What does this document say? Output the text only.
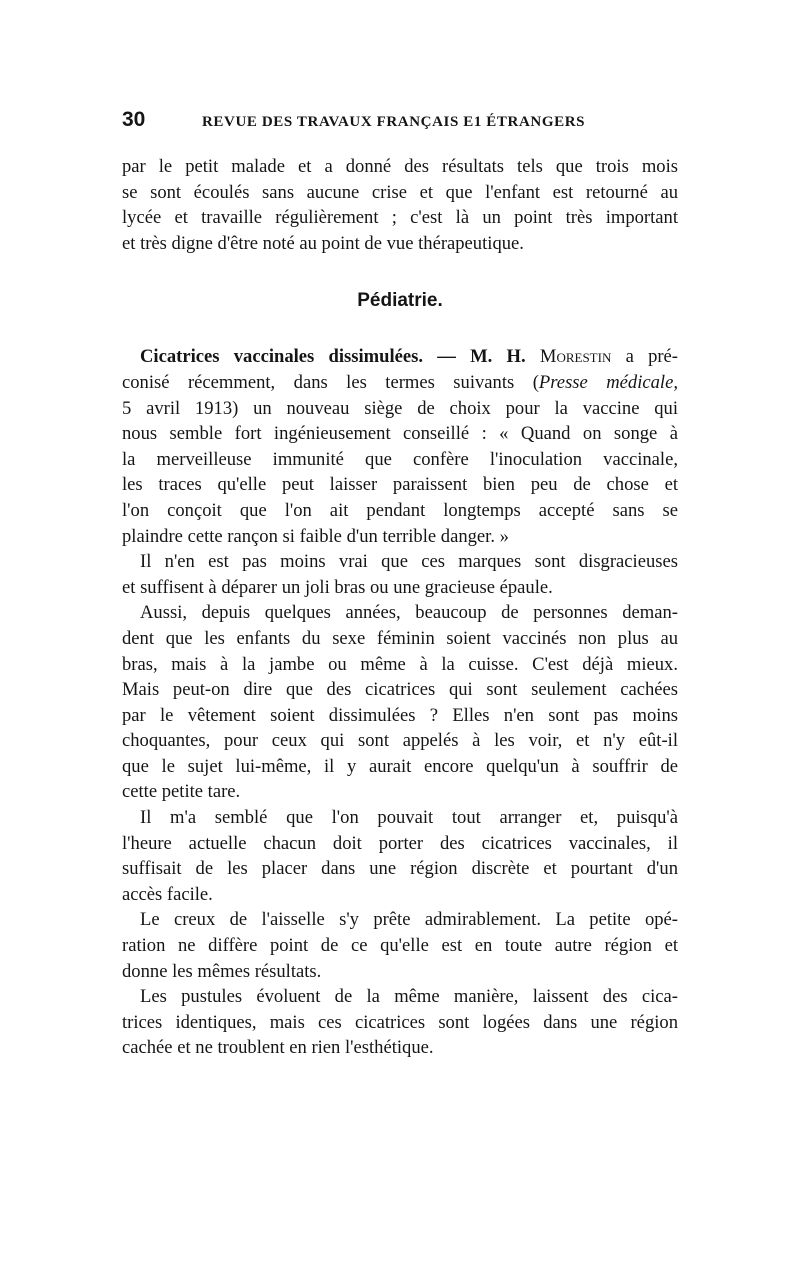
30	REVUE DES TRAVAUX FRANÇAIS E1 ÉTRANGERS

par le petit malade et a donné des résultats tels que trois mois
se sont écoulés sans aucune crise et que l'enfant est retourné au
lycée et travaille régulièrement ; c'est là un point très important
et très digne d'être noté au point de vue thérapeutique.

Pédiatrie.

Cicatrices vaccinales dissimulées. — M. H. Morestin a pré-
conisé récemment, dans les termes suivants (Presse médicale,
5 avril 1913) un nouveau siège de choix pour la vaccine qui
nous semble fort ingénieusement conseillé : « Quand on songe à
la merveilleuse immunité que confère l'inoculation vaccinale,
les traces qu'elle peut laisser paraissent bien peu de chose et
l'on conçoit que l'on ait pendant longtemps accepté sans se
plaindre cette rançon si faible d'un terrible danger. »

Il n'en est pas moins vrai que ces marques sont disgracieuses
et suffisent à déparer un joli bras ou une gracieuse épaule.

Aussi, depuis quelques années, beaucoup de personnes deman-
dent que les enfants du sexe féminin soient vaccinés non plus au
bras, mais à la jambe ou même à la cuisse. C'est déjà mieux.
Mais peut-on dire que des cicatrices qui sont seulement cachées
par le vêtement soient dissimulées ? Elles n'en sont pas moins
choquantes, pour ceux qui sont appelés à les voir, et n'y eût-il
que le sujet lui-même, il y aurait encore quelqu'un à souffrir de
cette petite tare.

Il m'a semblé que l'on pouvait tout arranger et, puisqu'à
l'heure actuelle chacun doit porter des cicatrices vaccinales, il
suffisait de les placer dans une région discrète et pourtant d'un
accès facile.

Le creux de l'aisselle s'y prête admirablement. La petite opé-
ration ne diffère point de ce qu'elle est en toute autre région et
donne les mêmes résultats.

Les pustules évoluent de la même manière, laissent des cica-
trices identiques, mais ces cicatrices sont logées dans une région
cachée et ne troublent en rien l'esthétique.
